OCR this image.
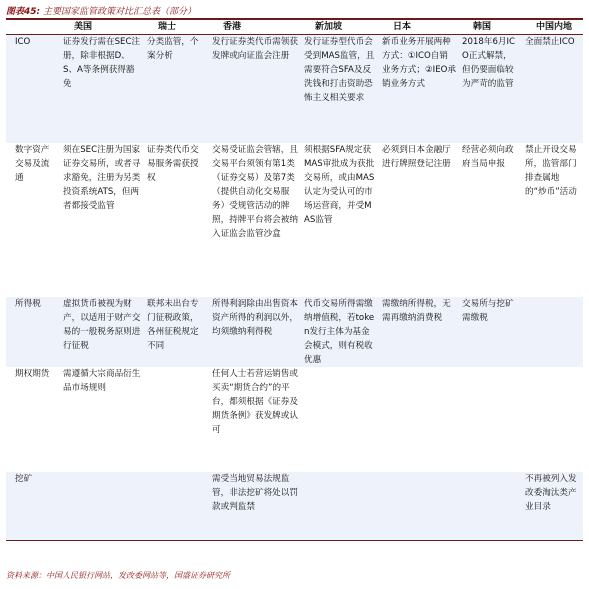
图表45: 主要国家监管政策对比汇总表（部分）
	美国	瑞士	香港	新加坡	日本	韩国	中国内地
ICO	证券发行需在SEC注册，除非根据D、S、A等条例获得豁免	分类监管，个案分析	发行证券类代币需领获发牌或向证监会注册	发行证券型代币会受到MAS监管，且需要符合SFA及反洗钱和打击资助恐怖主义相关要求	新币业务开展两种方式：①ICO自销业务方式；②IEO承销业务方式	2018年6月ICO正式解禁，但仍要面临较为严苛的监管	全面禁止ICO
数字资产交易及流通	须在SEC注册为国家证券交易所，或者寻求豁免，注册为另类投资系统ATS，但两者都接受监管	证券类代币交易服务需获授权	交易受证监会管辖，且交易平台须领有第1类（证券交易）及第7类（提供自动化交易服务）受规管活动的牌照，持牌平台将会被纳入证监会监管沙盒	须根据SFA规定获MAS审批成为获批交易所，或由MAS认定为受认可的市场运营商，并受MAS监管	必须到日本金融厅进行牌照登记注册	经营必须向政府当局申报	禁止开设交易所，监管部门排查属地的“炒币”活动
所得税	虚拟货币被视为财产，以适用于财产交易的一般税务原则进行征税	联邦未出台专门征税政策，各州征税规定不同	所得利润除由出售资本资产所得的利润以外，均须缴纳利得税	代币交易所得需缴纳增值税，若token发行主体为基金会模式，则有税收优惠	需缴纳所得税，无需再缴纳消费税	交易所与挖矿需缴税	
期权期货	需遵循大宗商品衍生品市场规则		任何人士若营运销售或买卖“期货合约”的平台，都须根据《证券及期货条例》获发牌或认可				
挖矿			需受当地贸易法规监管，非法挖矿将处以罚款或判监禁				不再被列入发改委淘汰类产业目录
资料来源：中国人民银行网站，发改委网站等，国盛证券研究所
